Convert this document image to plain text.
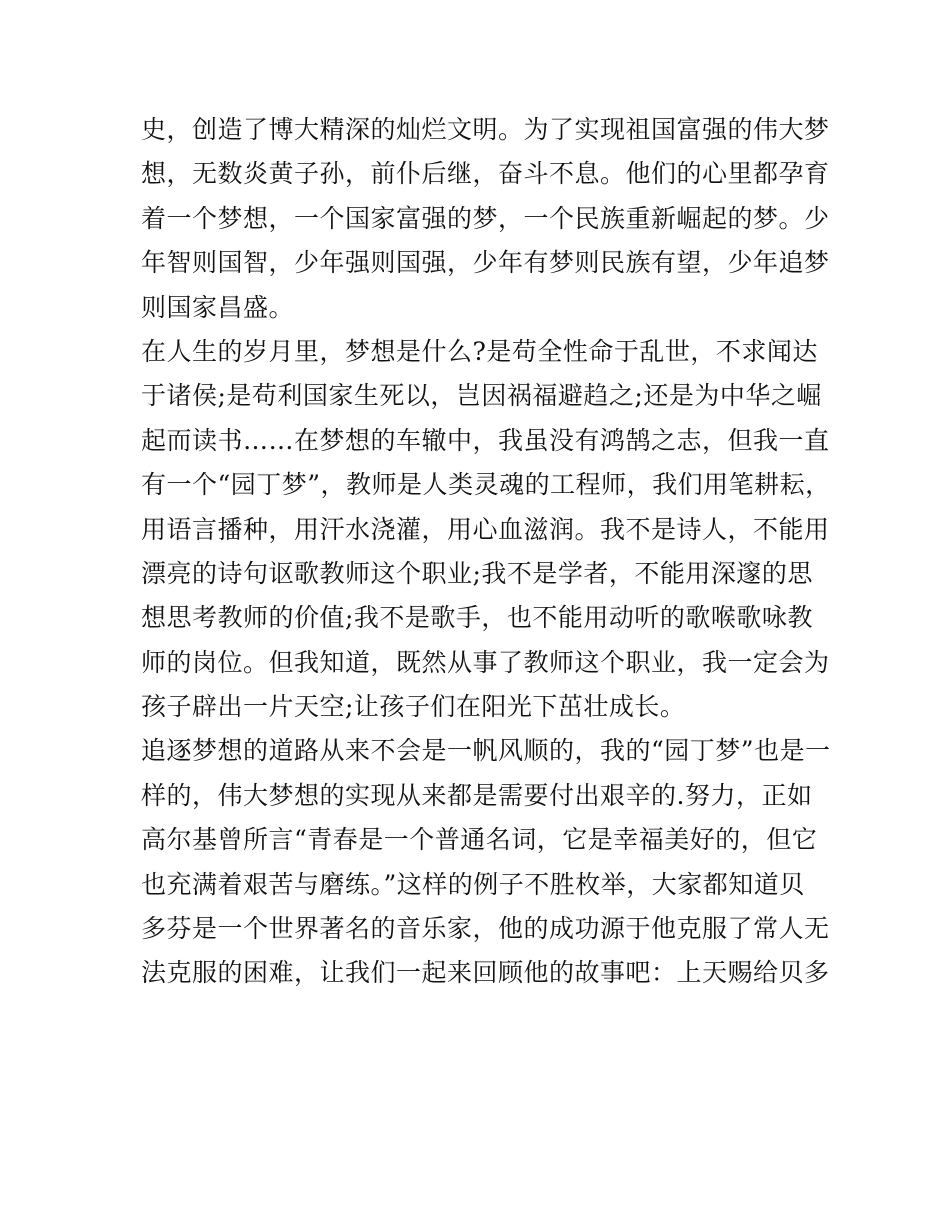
史，创造了博大精深的灿烂文明。为了实现祖国富强的伟大梦
想，无数炎黄子孙，前仆后继，奋斗不息。他们的心里都孕育
着一个梦想，一个国家富强的梦，一个民族重新崛起的梦。少
年智则国智，少年强则国强，少年有梦则民族有望，少年追梦
则国家昌盛。
在人生的岁月里，梦想是什么?是苟全性命于乱世，不求闻达
于诸侯;是苟利国家生死以，岂因祸福避趋之;还是为中华之崛
起而读书……在梦想的车辙中，我虽没有鸿鹄之志，但我一直
有一个“园丁梦”，教师是人类灵魂的工程师，我们用笔耕耘，
用语言播种，用汗水浇灌，用心血滋润。我不是诗人，不能用
漂亮的诗句讴歌教师这个职业;我不是学者，不能用深邃的思
想思考教师的价值;我不是歌手，也不能用动听的歌喉歌咏教
师的岗位。但我知道，既然从事了教师这个职业，我一定会为
孩子辟出一片天空;让孩子们在阳光下茁壮成长。
追逐梦想的道路从来不会是一帆风顺的，我的“园丁梦”也是一
样的，伟大梦想的实现从来都是需要付出艰辛的.努力，正如
高尔基曾所言“青春是一个普通名词，它是幸福美好的，但它
也充满着艰苦与磨练。”这样的例子不胜枚举，大家都知道贝
多芬是一个世界著名的音乐家，他的成功源于他克服了常人无
法克服的困难，让我们一起来回顾他的故事吧：上天赐给贝多
